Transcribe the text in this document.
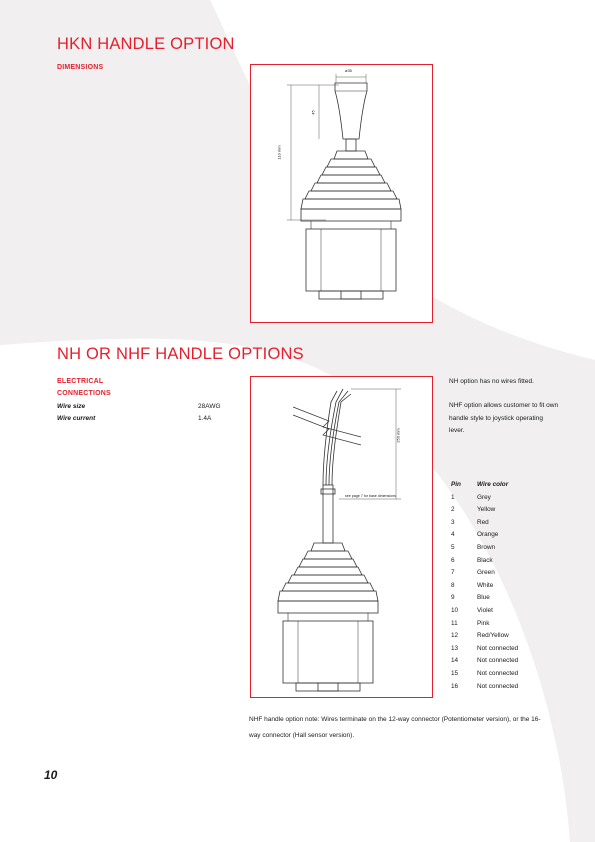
HKN HANDLE OPTION
DIMENSIONS	ø35
45
110 mm
NH OR NHF HANDLE OPTIONS
ELECTRICAL
CONNECTIONS
Wire size	28AWG
Wire current	1.4A
250 mm
see page 7 for base dimensions
NH option has no wires fitted.
NHF option allows customer to fit own handle style to joystick operating lever.
Pin	Wire color
1	Grey
2	Yellow
3	Red
4	Orange
5	Brown
6	Black
7	Green
8	White
9	Blue
10	Violet
11	Pink
12	Red/Yellow
13	Not connected
14	Not connected
15	Not connected
16	Not connected
NHF handle option note: Wires terminate on the 12-way connector (Potentiometer version), or the 16-way connector (Hall sensor version).
10
